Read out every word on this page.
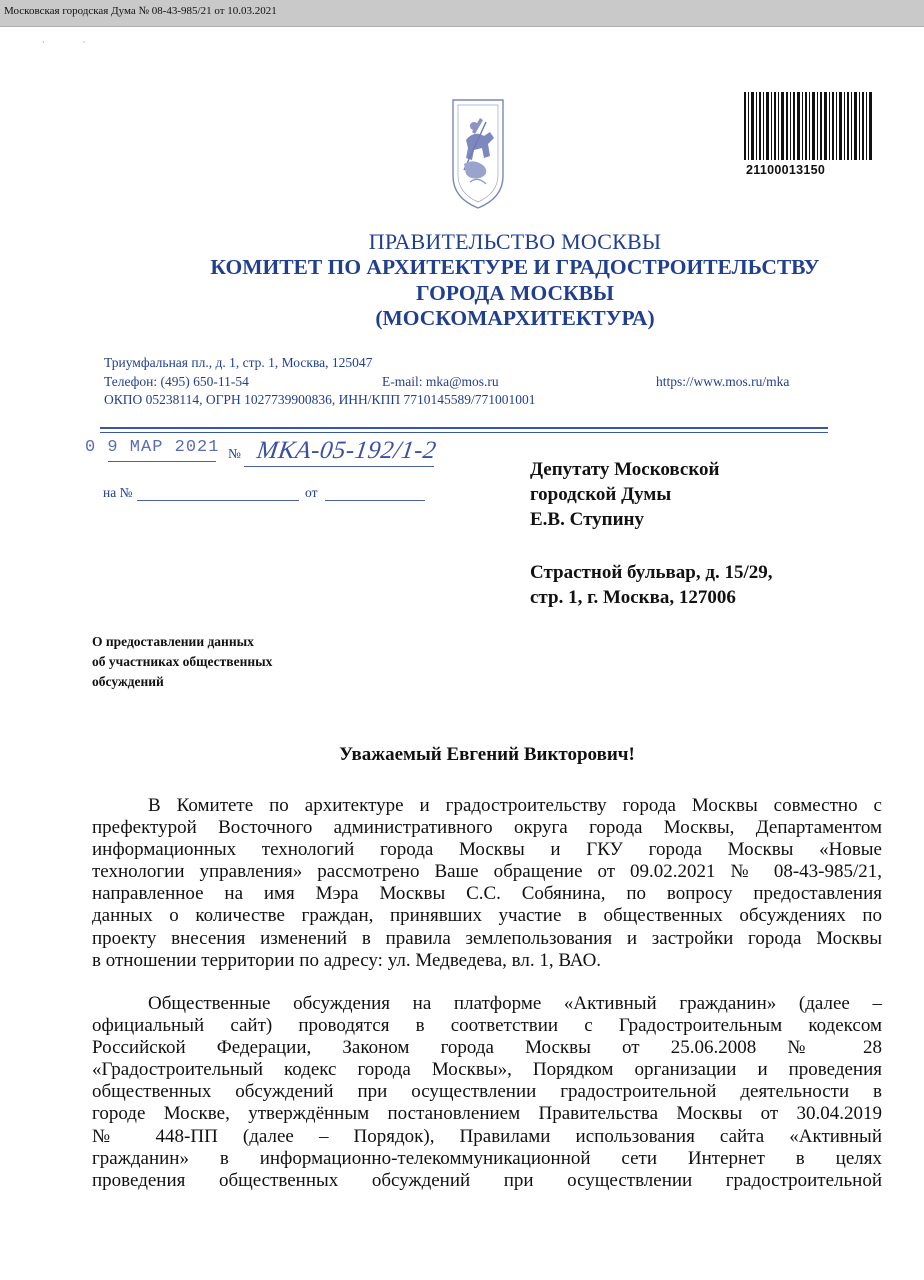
Московская городская Дума № 08-43-985/21 от 10.03.2021
·                   ·
21100013150
ПРАВИТЕЛЬСТВО МОСКВЫ
КОМИТЕТ ПО АРХИТЕКТУРЕ И ГРАДОСТРОИТЕЛЬСТВУ
ГОРОДА МОСКВЫ
(МОСКОМАРХИТЕКТУРА)
Триумфальная пл., д. 1, стр. 1, Москва, 125047
Телефон: (495) 650-11-54	E-mail: mka@mos.ru	https://www.mos.ru/mka
ОКПО 05238114, ОГРН 1027739900836, ИНН/КПП 7710145589/771001001
0 9 МАР 2021 № МКА-05-192/1-2
на №	от
Депутату Московской
городской Думы
Е.В. Ступину
Страстной бульвар, д. 15/29,
стр. 1, г. Москва, 127006
О предоставлении данных
об участниках общественных
обсуждений
Уважаемый Евгений Викторович!
В Комитете по архитектуре и градостроительству города Москвы совместно с
префектурой Восточного административного округа города Москвы, Департаментом
информационных технологий города Москвы и ГКУ города Москвы «Новые
технологии управления» рассмотрено Ваше обращение от 09.02.2021 № 08-43-985/21,
направленное на имя Мэра Москвы С.С. Собянина, по вопросу предоставления
данных о количестве граждан, принявших участие в общественных обсуждениях по
проекту внесения изменений в правила землепользования и застройки города Москвы
в отношении территории по адресу: ул. Медведева, вл. 1, ВАО.
Общественные обсуждения на платформе «Активный гражданин» (далее –
официальный сайт) проводятся в соответствии с Градостроительным кодексом
Российской Федерации, Законом города Москвы от 25.06.2008 № 28
«Градостроительный кодекс города Москвы», Порядком организации и проведения
общественных обсуждений при осуществлении градостроительной деятельности в
городе Москве, утверждённым постановлением Правительства Москвы от 30.04.2019
№ 448-ПП (далее – Порядок), Правилами использования сайта «Активный
гражданин» в информационно-телекоммуникационной сети Интернет в целях
проведения общественных обсуждений при осуществлении градостроительной
